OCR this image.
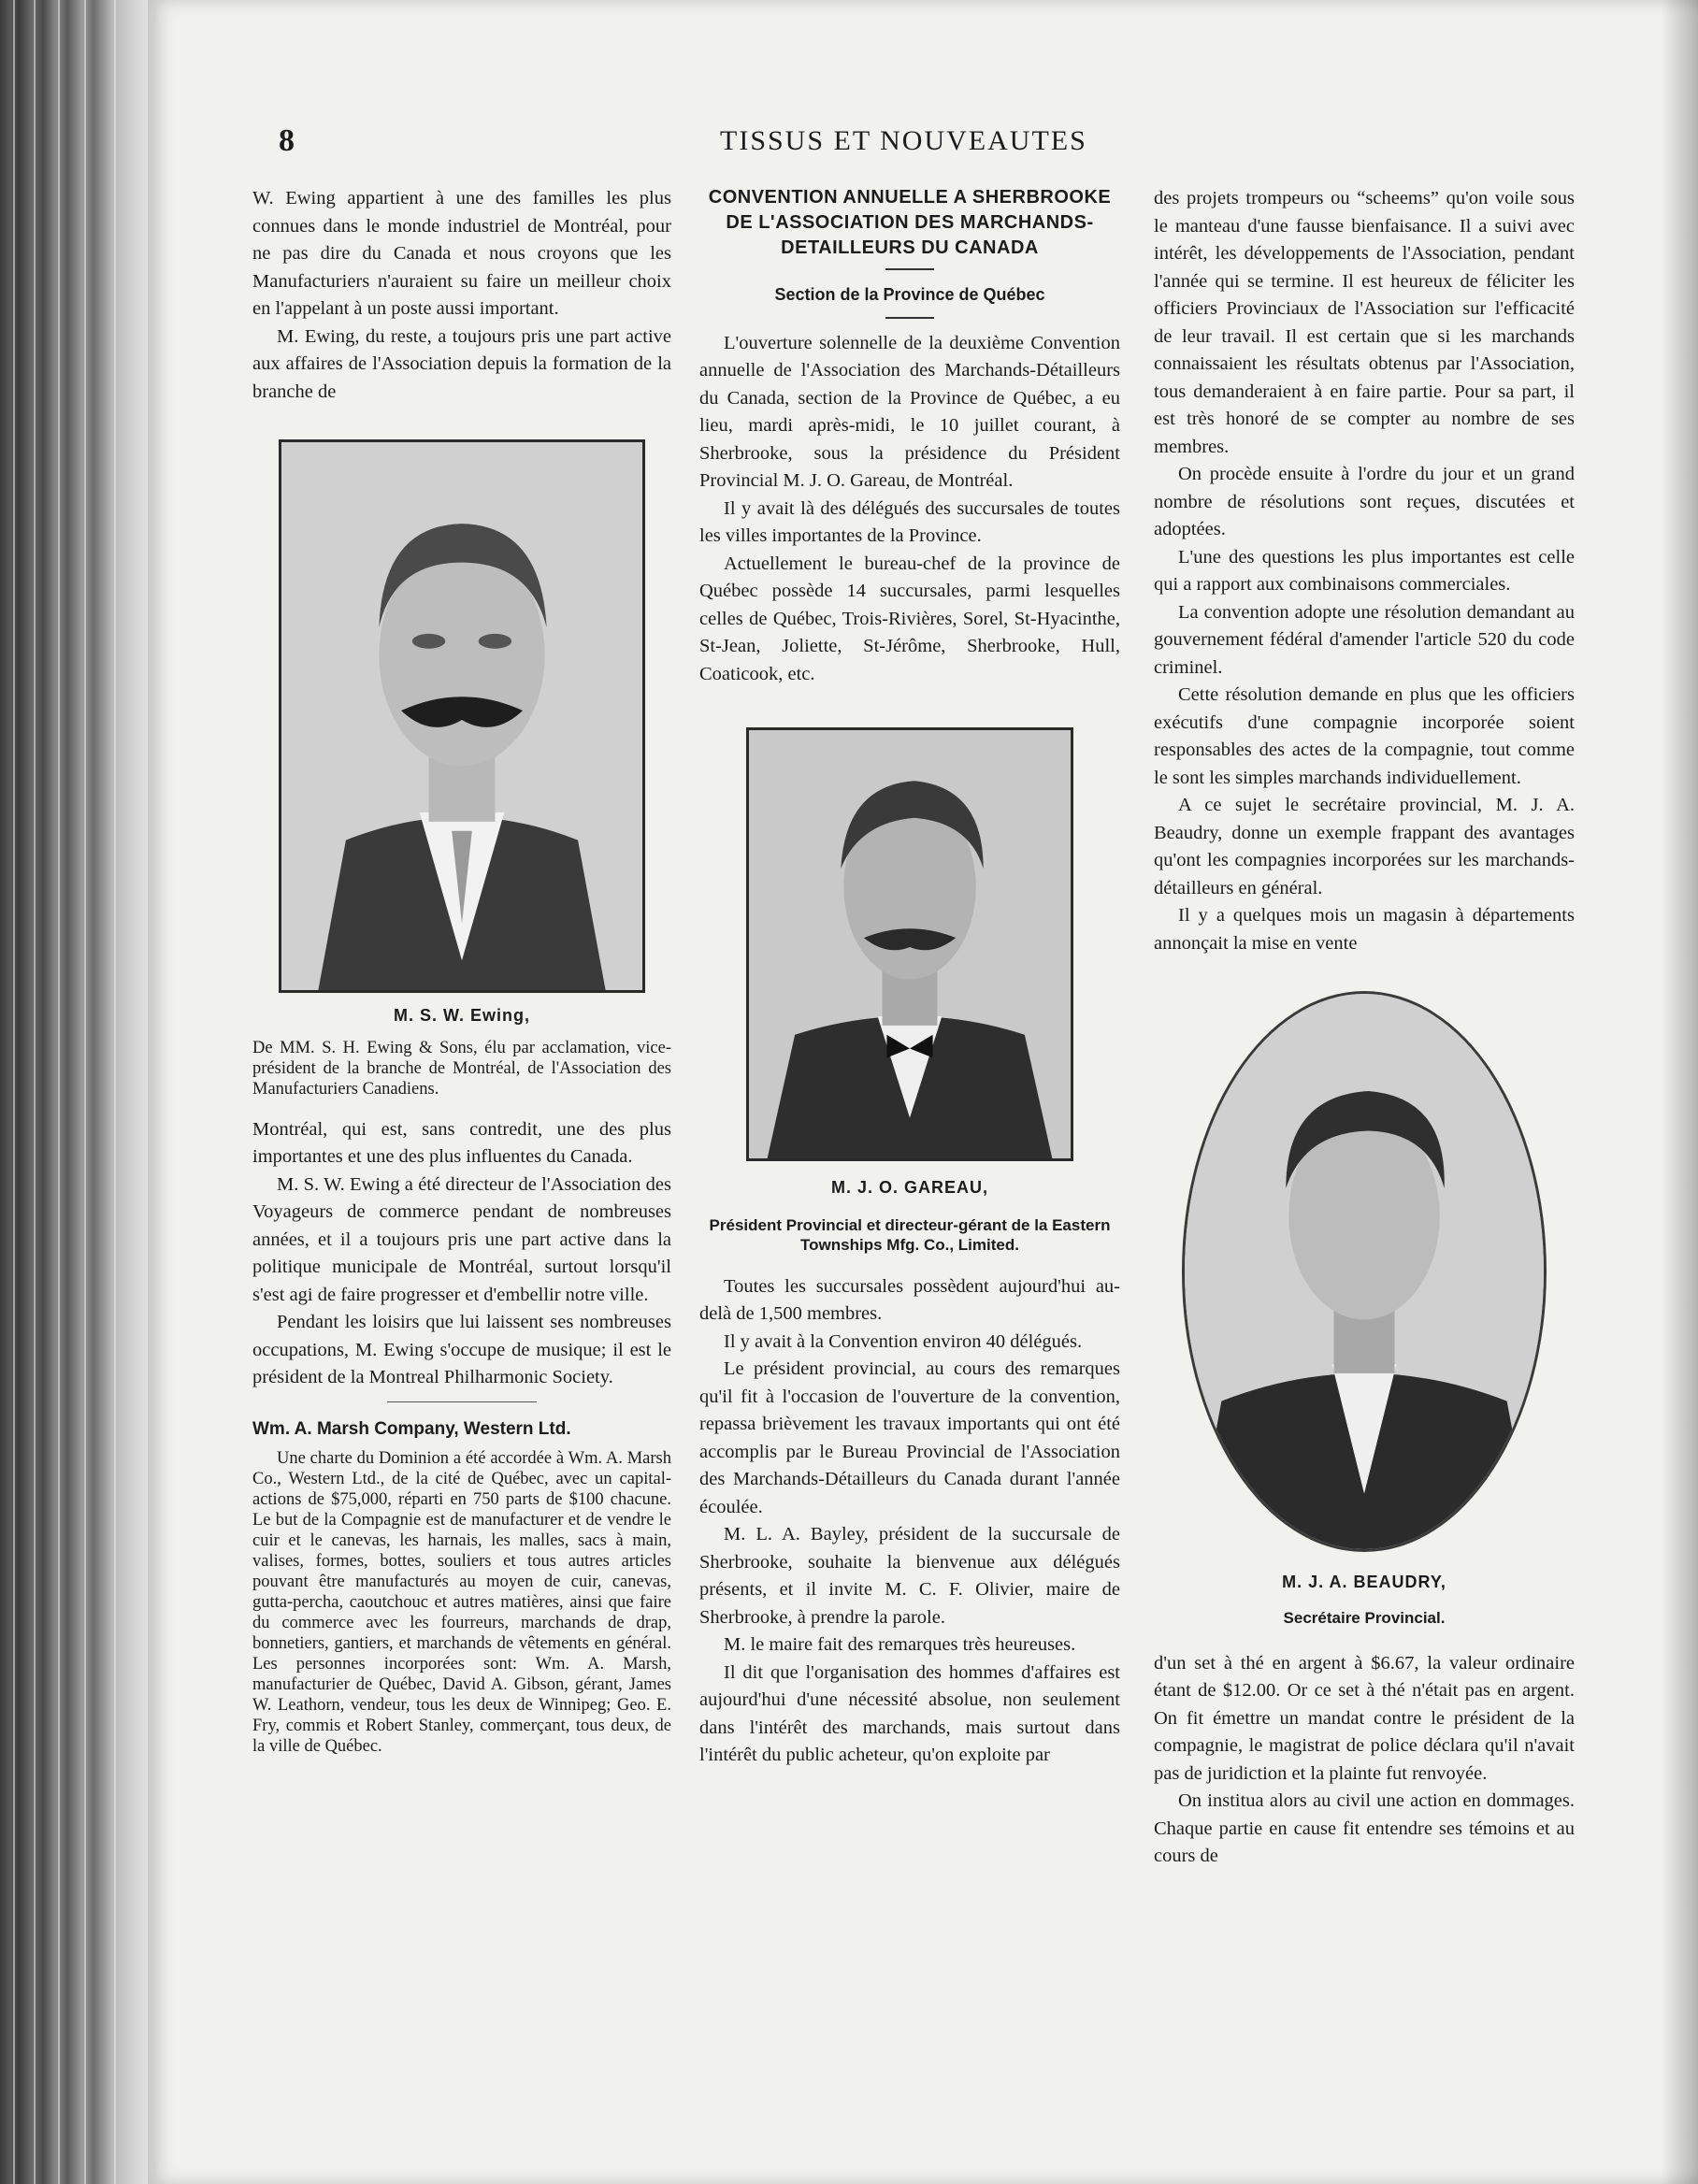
8	TISSUS ET NOUVEAUTES

W. Ewing appartient à une des familles les plus connues dans le monde industriel de Montréal, pour ne pas dire du Canada et nous croyons que les Manufacturiers n'auraient su faire un meilleur choix en l'appelant à un poste aussi important.

M. Ewing, du reste, a toujours pris une part active aux affaires de l'Association depuis la formation de la branche de

M. S. W. Ewing,

De MM. S. H. Ewing & Sons, élu par acclamation, vice-président de la branche de Montréal, de l'Association des Manufacturiers Canadiens.

Montréal, qui est, sans contredit, une des plus importantes et une des plus influentes du Canada.

M. S. W. Ewing a été directeur de l'Association des Voyageurs de commerce pendant de nombreuses années, et il a toujours pris une part active dans la politique municipale de Montréal, surtout lorsqu'il s'est agi de faire progresser et d'embellir notre ville.

Pendant les loisirs que lui laissent ses nombreuses occupations, M. Ewing s'occupe de musique; il est le président de la Montreal Philharmonic Society.

Wm. A. Marsh Company, Western Ltd.

Une charte du Dominion a été accordée à Wm. A. Marsh Co., Western Ltd., de la cité de Québec, avec un capital-actions de $75,000, réparti en 750 parts de $100 chacune. Le but de la Compagnie est de manufacturer et de vendre le cuir et le canevas, les harnais, les malles, sacs à main, valises, formes, bottes, souliers et tous autres articles pouvant être manufacturés au moyen de cuir, canevas, gutta-percha, caoutchouc et autres matières, ainsi que faire du commerce avec les fourreurs, marchands de drap, bonnetiers, gantiers, et marchands de vêtements en général. Les personnes incorporées sont: Wm. A. Marsh, manufacturier de Québec, David A. Gibson, gérant, James W. Leathorn, vendeur, tous les deux de Winnipeg; Geo. E. Fry, commis et Robert Stanley, commerçant, tous deux, de la ville de Québec.

CONVENTION ANNUELLE A SHERBROOKE DE L'ASSOCIATION DES MARCHANDS-DETAILLEURS DU CANADA

Section de la Province de Québec

L'ouverture solennelle de la deuxième Convention annuelle de l'Association des Marchands-Détailleurs du Canada, section de la Province de Québec, a eu lieu, mardi après-midi, le 10 juillet courant, à Sherbrooke, sous la présidence du Président Provincial M. J. O. Gareau, de Montréal.

Il y avait là des délégués des succursales de toutes les villes importantes de la Province.

Actuellement le bureau-chef de la province de Québec possède 14 succursales, parmi lesquelles celles de Québec, Trois-Rivières, Sorel, St-Hyacinthe, St-Jean, Joliette, St-Jérôme, Sherbrooke, Hull, Coaticook, etc.

M. J. O. GAREAU,

Président Provincial et directeur-gérant de la Eastern Townships Mfg. Co., Limited.

Toutes les succursales possèdent aujourd'hui au-delà de 1,500 membres.

Il y avait à la Convention environ 40 délégués.

Le président provincial, au cours des remarques qu'il fit à l'occasion de l'ouverture de la convention, repassa brièvement les travaux importants qui ont été accomplis par le Bureau Provincial de l'Association des Marchands-Détailleurs du Canada durant l'année écoulée.

M. L. A. Bayley, président de la succursale de Sherbrooke, souhaite la bienvenue aux délégués présents, et il invite M. C. F. Olivier, maire de Sherbrooke, à prendre la parole.

M. le maire fait des remarques très heureuses.

Il dit que l'organisation des hommes d'affaires est aujourd'hui d'une nécessité absolue, non seulement dans l'intérêt des marchands, mais surtout dans l'intérêt du public acheteur, qu'on exploite par

des projets trompeurs ou “scheems” qu'on voile sous le manteau d'une fausse bienfaisance. Il a suivi avec intérêt, les développements de l'Association, pendant l'année qui se termine. Il est heureux de féliciter les officiers Provinciaux de l'Association sur l'efficacité de leur travail. Il est certain que si les marchands connaissaient les résultats obtenus par l'Association, tous demanderaient à en faire partie. Pour sa part, il est très honoré de se compter au nombre de ses membres.

On procède ensuite à l'ordre du jour et un grand nombre de résolutions sont reçues, discutées et adoptées.

L'une des questions les plus importantes est celle qui a rapport aux combinaisons commerciales.

La convention adopte une résolution demandant au gouvernement fédéral d'amender l'article 520 du code criminel.

Cette résolution demande en plus que les officiers exécutifs d'une compagnie incorporée soient responsables des actes de la compagnie, tout comme le sont les simples marchands individuellement.

A ce sujet le secrétaire provincial, M. J. A. Beaudry, donne un exemple frappant des avantages qu'ont les compagnies incorporées sur les marchands-détailleurs en général.

Il y a quelques mois un magasin à départements annonçait la mise en vente

M. J. A. BEAUDRY,

Secrétaire Provincial.

d'un set à thé en argent à $6.67, la valeur ordinaire étant de $12.00. Or ce set à thé n'était pas en argent. On fit émettre un mandat contre le président de la compagnie, le magistrat de police déclara qu'il n'avait pas de juridiction et la plainte fut renvoyée.

On institua alors au civil une action en dommages. Chaque partie en cause fit entendre ses témoins et au cours de
